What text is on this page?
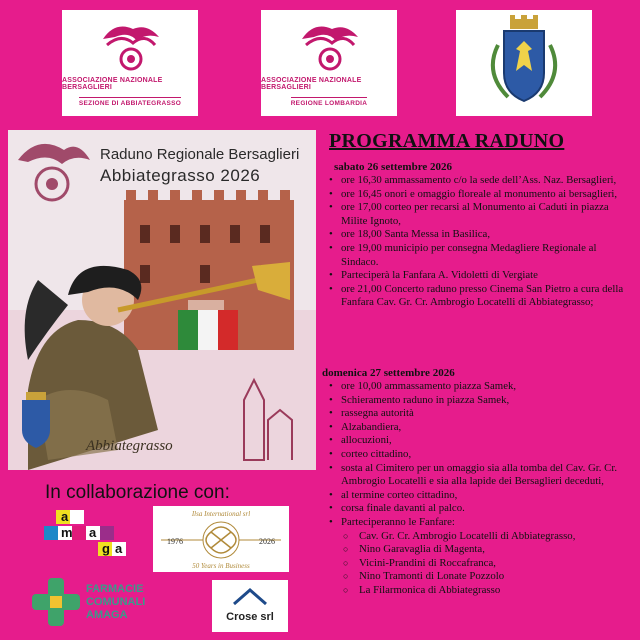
ASSOCIAZIONE NAZIONALE BERSAGLIERI
SEZIONE DI ABBIATEGRASSO
ASSOCIAZIONE NAZIONALE BERSAGLIERI
REGIONE LOMBARDIA
Raduno Regionale Bersaglieri
Abbiategrasso 2026
Abbiategrasso
In collaborazione con:
a
m a
g a
Ilsa International srl
1976	2026
50 Years in Business
FARMACIE
COMUNALI
AMAGA	Crose srl
PROGRAMMA RADUNO
sabato 26 settembre 2026
• ore 16,30 ammassamento c/o la sede dell’Ass. Naz. Bersaglieri,
• ore 16,45 onori e omaggio floreale al monumento ai bersaglieri,
• ore 17,00 corteo per recarsi al Monumento ai Caduti in piazza Milite Ignoto,
• ore 18,00 Santa Messa in Basilica,
• ore 19,00 municipio per consegna Medagliere Regionale al Sindaco.
• Parteciperà la Fanfara A. Vidoletti di Vergiate
• ore 21,00 Concerto raduno presso Cinema San Pietro a cura della Fanfara Cav. Gr. Cr. Ambrogio Locatelli di Abbiategrasso;
domenica 27 settembre 2026
• ore 10,00 ammassamento piazza Samek,
• Schieramento raduno in piazza Samek,
• rassegna autorità
• Alzabandiera,
• allocuzioni,
• corteo cittadino,
• sosta al Cimitero per un omaggio sia alla tomba del Cav. Gr. Cr. Ambrogio Locatelli e sia alla lapide dei Bersaglieri deceduti,
• al termine corteo cittadino,
• corsa finale davanti al palco.
• Parteciperanno le Fanfare:
○ Cav. Gr. Cr. Ambrogio Locatelli di Abbiategrasso,
○ Nino Garavaglia di Magenta,
○ Vicini-Prandini di Roccafranca,
○ Nino Tramonti di Lonate Pozzolo
○ La Filarmonica di Abbiategrasso
